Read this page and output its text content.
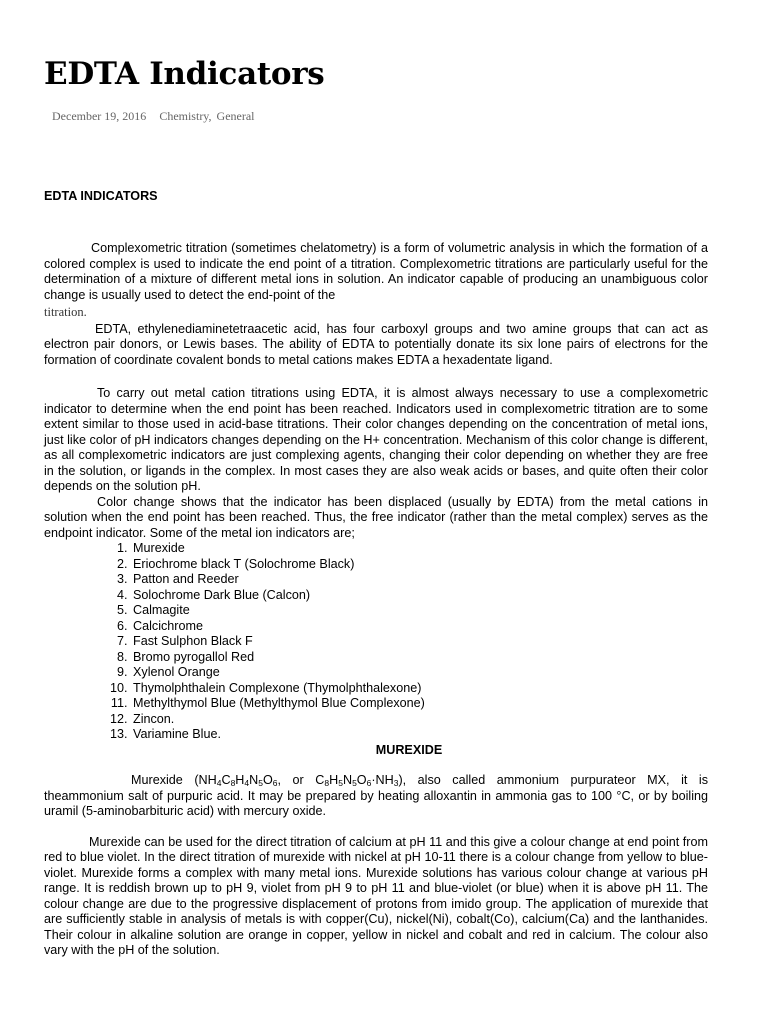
EDTA Indicators
December 19, 2016 Chemistry, General
EDTA INDICATORS

Complexometric titration (sometimes chelatometry) is a form of volumetric analysis in which the formation of a colored complex is used to indicate the end point of a titration. Complexometric titrations are particularly useful for the determination of a mixture of different metal ions in solution. An indicator capable of producing an unambiguous color change is usually used to detect the end-point of the

titration.

EDTA, ethylenediaminetetraacetic acid, has four carboxyl groups and two amine groups that can act as electron pair donors, or Lewis bases. The ability of EDTA to potentially donate its six lone pairs of electrons for the formation of coordinate covalent bonds to metal cations makes EDTA a hexadentate ligand.

To carry out metal cation titrations using EDTA, it is almost always necessary to use a complexometric indicator to determine when the end point has been reached. Indicators used in complexometric titration are to some extent similar to those used in acid-base titrations. Their color changes depending on the concentration of metal ions, just like color of pH indicators changes depending on the H+ concentration. Mechanism of this color change is different, as all complexometric indicators are just complexing agents, changing their color depending on whether they are free in the solution, or ligands in the complex. In most cases they are also weak acids or bases, and quite often their color depends on the solution pH.

Color change shows that the indicator has been displaced (usually by EDTA) from the metal cations in solution when the end point has been reached. Thus, the free indicator (rather than the metal complex) serves as the endpoint indicator. Some of the metal ion indicators are;

1. Murexide
2. Eriochrome black T (Solochrome Black)
3. Patton and Reeder
4. Solochrome Dark Blue (Calcon)
5. Calmagite
6. Calcichrome
7. Fast Sulphon Black F
8. Bromo pyrogallol Red
9. Xylenol Orange
10. Thymolphthalein Complexone (Thymolphthalexone)
11. Methylthymol Blue (Methylthymol Blue Complexone)
12. Zincon.
13. Variamine Blue.
MUREXIDE

Murexide ($NH_4C_8H_4N_5O_6$, or $C_8H_5N_5O_6\cdot NH_3$), also called ammonium purpurateor MX, it is theammonium salt of purpuric acid. It may be prepared by heating alloxantin in ammonia gas to 100 °C, or by boiling uramil (5-aminobarbituric acid) with mercury oxide.

Murexide can be used for the direct titration of calcium at pH 11 and this give a colour change at end point from red to blue violet. In the direct titration of murexide with nickel at pH 10-11 there is a colour change from yellow to blue-violet. Murexide forms a complex with many metal ions. Murexide solutions has various colour change at various pH range. It is reddish brown up to pH 9, violet from pH 9 to pH 11 and blue-violet (or blue) when it is above pH 11. The colour change are due to the progressive displacement of protons from imido group. The application of murexide that are sufficiently stable in analysis of metals is with copper(Cu), nickel(Ni), cobalt(Co), calcium(Ca) and the lanthanides. Their colour in alkaline solution are orange in copper, yellow in nickel and cobalt and red in calcium. The colour also vary with the pH of the solution.
